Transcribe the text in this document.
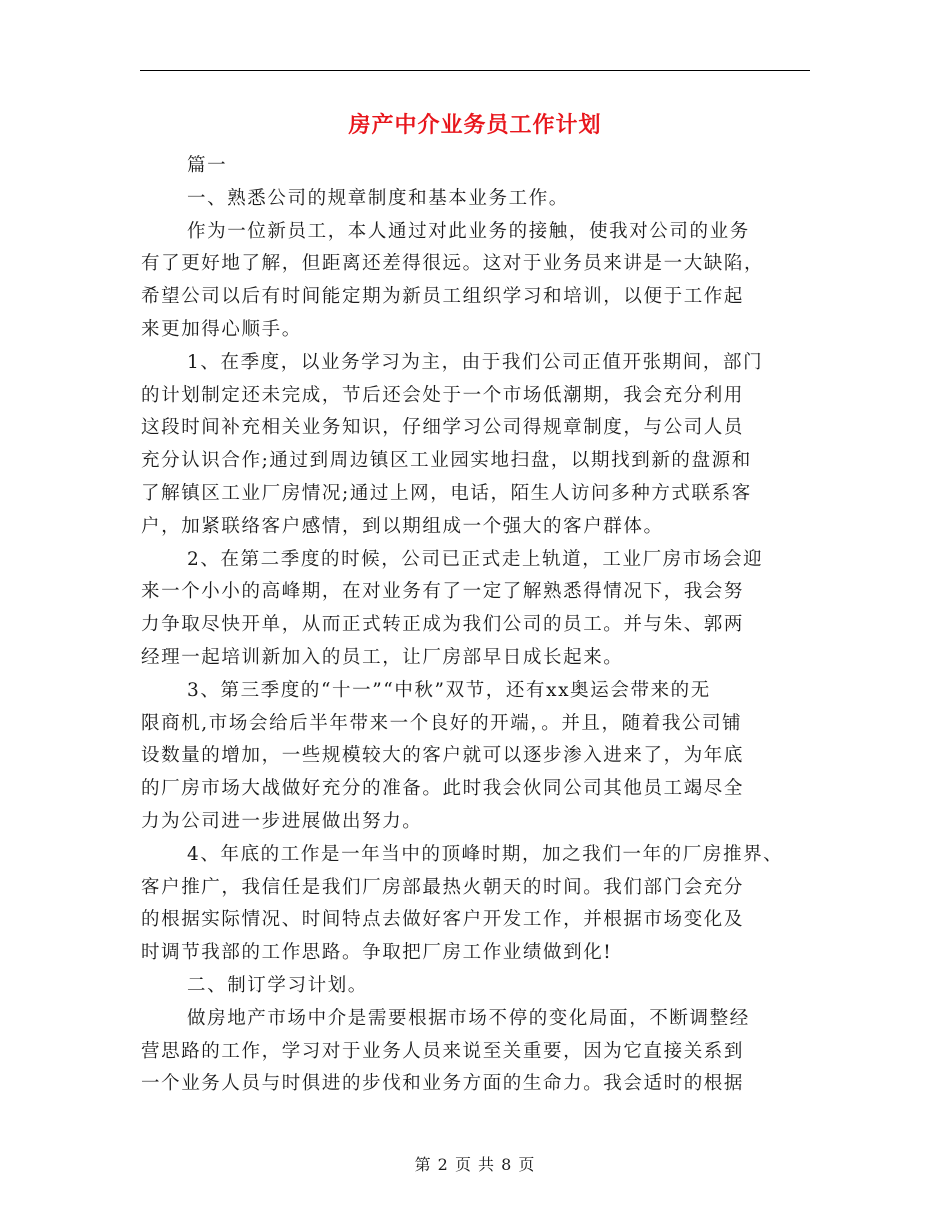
房产中介业务员工作计划

篇一

一、熟悉公司的规章制度和基本业务工作。

作为一位新员工，本人通过对此业务的接触，使我对公司的业务
有了更好地了解，但距离还差得很远。这对于业务员来讲是一大缺陷，
希望公司以后有时间能定期为新员工组织学习和培训，以便于工作起
来更加得心顺手。

1、在季度，以业务学习为主，由于我们公司正值开张期间，部门
的计划制定还未完成，节后还会处于一个市场低潮期，我会充分利用
这段时间补充相关业务知识，仔细学习公司得规章制度，与公司人员
充分认识合作;通过到周边镇区工业园实地扫盘，以期找到新的盘源和
了解镇区工业厂房情况;通过上网，电话，陌生人访问多种方式联系客
户，加紧联络客户感情，到以期组成一个强大的客户群体。

2、在第二季度的时候，公司已正式走上轨道，工业厂房市场会迎
来一个小小的高峰期，在对业务有了一定了解熟悉得情况下，我会努
力争取尽快开单，从而正式转正成为我们公司的员工。并与朱、郭两
经理一起培训新加入的员工，让厂房部早日成长起来。

3、第三季度的“十一”“中秋”双节，还有xx奥运会带来的无
限商机,市场会给后半年带来一个良好的开端，。并且，随着我公司铺
设数量的增加，一些规模较大的客户就可以逐步渗入进来了，为年底
的厂房市场大战做好充分的准备。此时我会伙同公司其他员工竭尽全
力为公司进一步进展做出努力。

4、年底的工作是一年当中的顶峰时期，加之我们一年的厂房推界、
客户推广，我信任是我们厂房部最热火朝天的时间。我们部门会充分
的根据实际情况、时间特点去做好客户开发工作，并根据市场变化及
时调节我部的工作思路。争取把厂房工作业绩做到化!

二、制订学习计划。

做房地产市场中介是需要根据市场不停的变化局面，不断调整经
营思路的工作，学习对于业务人员来说至关重要，因为它直接关系到
一个业务人员与时俱进的步伐和业务方面的生命力。我会适时的根据

第 2 页 共 8 页
